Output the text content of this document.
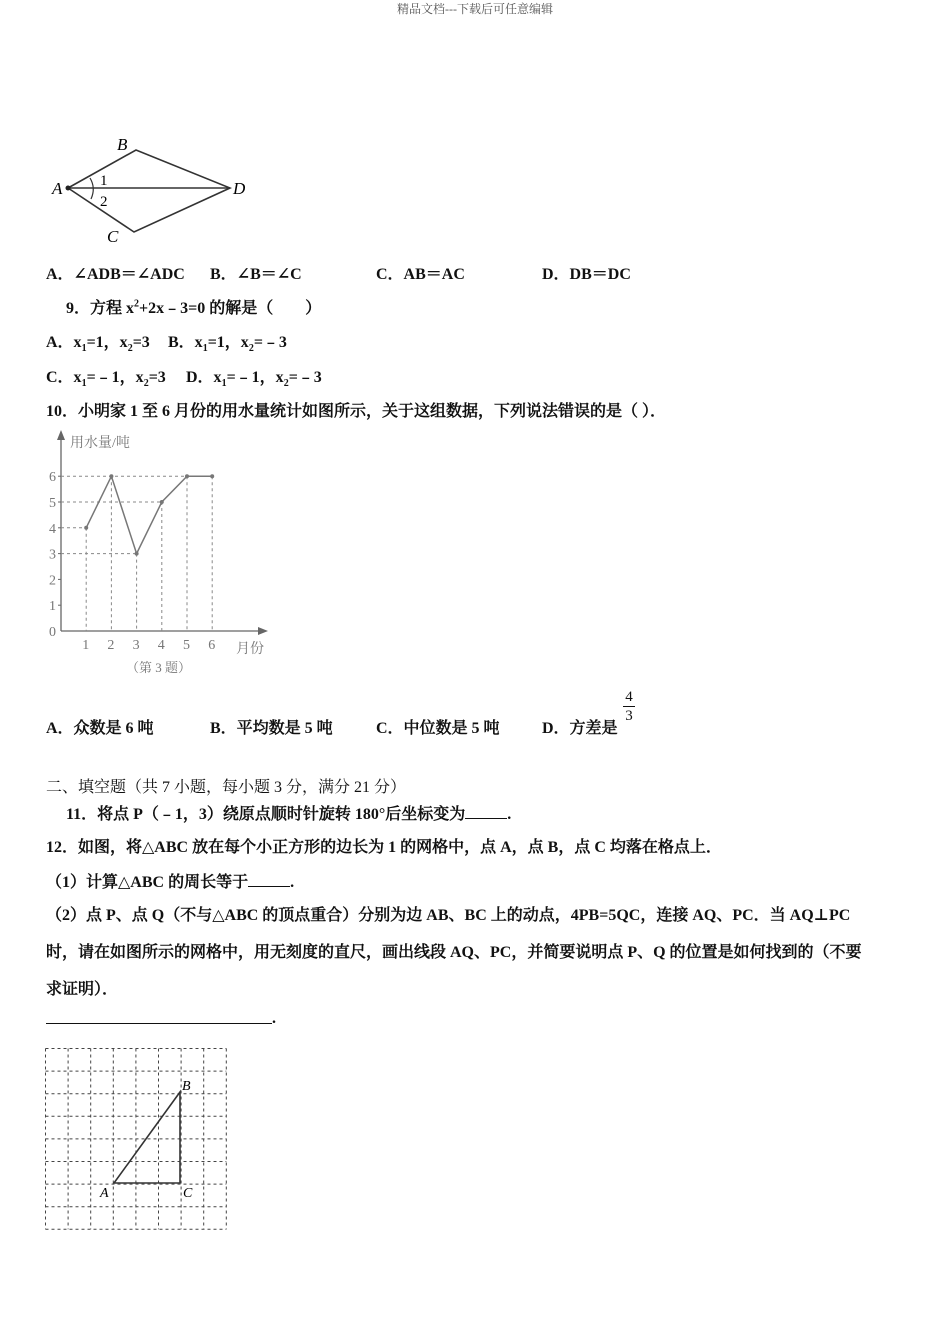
精品文档---下载后可任意编辑
A
B
C
D
1
2
A．∠ADB＝∠ADC B．∠B＝∠C	C．AB＝AC	D．DB＝DC
9．方程 $x^2+2x﹣3=0$ 的解是（　　）
A．$x_1=1$，$x_2=3$ B．$x_1=1$，$x_2=﹣3$
C．$x_1=﹣1$，$x_2=3$ D．$x_1=﹣1$，$x_2=﹣3$
10．小明家 1 至 6 月份的用水量统计如图所示，关于这组数据，下列说法错误的是（ ）．
用水量/吨
月份
（第 3 题）
0
1
2
3
4
5
6
1 2 3 4 5 6
A．众数是 6 吨	B．平均数是 5 吨	C．中位数是 5 吨	D．方差是
4
3
二、填空题（共 7 小题，每小题 3 分，满分 21 分）
11．将点 P（﹣1，3）绕原点顺时针旋转 180°后坐标变为	.
12．如图，将△ABC 放在每个小正方形的边长为 1 的网格中，点 A，点 B，点 C 均落在格点上．
（1）计算△ABC 的周长等于	.
（2）点 P、点 Q（不与△ABC 的顶点重合）分别为边 AB、BC 上的动点，4PB=5QC，连接 AQ、PC．当 AQ⊥PC
时，请在如图所示的网格中，用无刻度的直尺，画出线段 AQ、PC，并简要说明点 P、Q 的位置是如何找到的（不要
求证明）．
.
A
B
C
